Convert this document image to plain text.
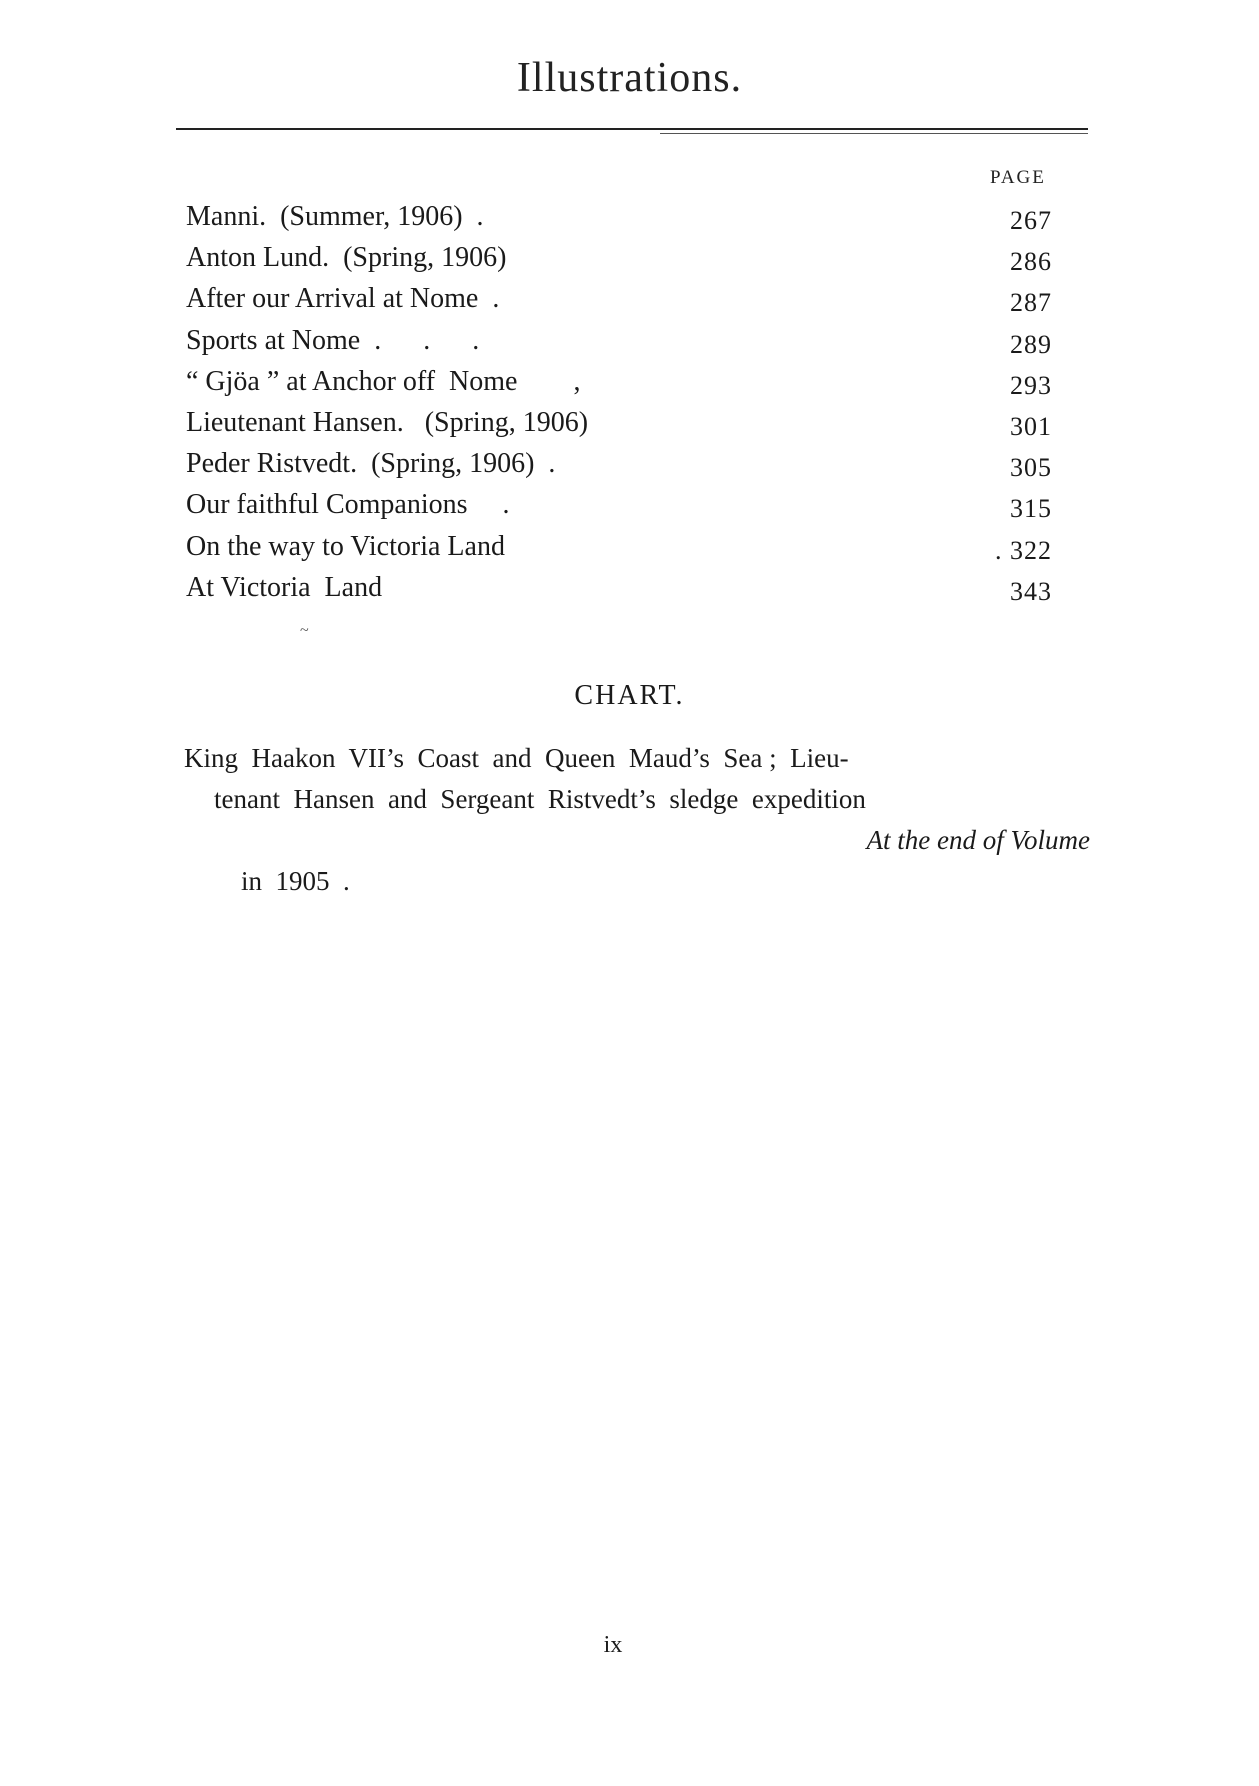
Illustrations.
PAGE
Manni.  (Summer, 1906)  .	267
Anton Lund.  (Spring, 1906)	286
After our Arrival at Nome  .	287
Sports at Nome  .      .      .	289
“ Gjöa ” at Anchor off  Nome        ,	293
Lieutenant Hansen.   (Spring, 1906)	301
Peder Ristvedt.  (Spring, 1906)  .	305
Our faithful Companions     .	315
On the way to Victoria Land	. 322
At Victoria  Land	343
~
CHART.
King  Haakon  VII’s  Coast  and  Queen  Maud’s  Sea ;  Lieu-
tenant  Hansen  and  Sergeant  Ristvedt’s  sledge  expedition

in  1905  .

At the end of Volume

ix
